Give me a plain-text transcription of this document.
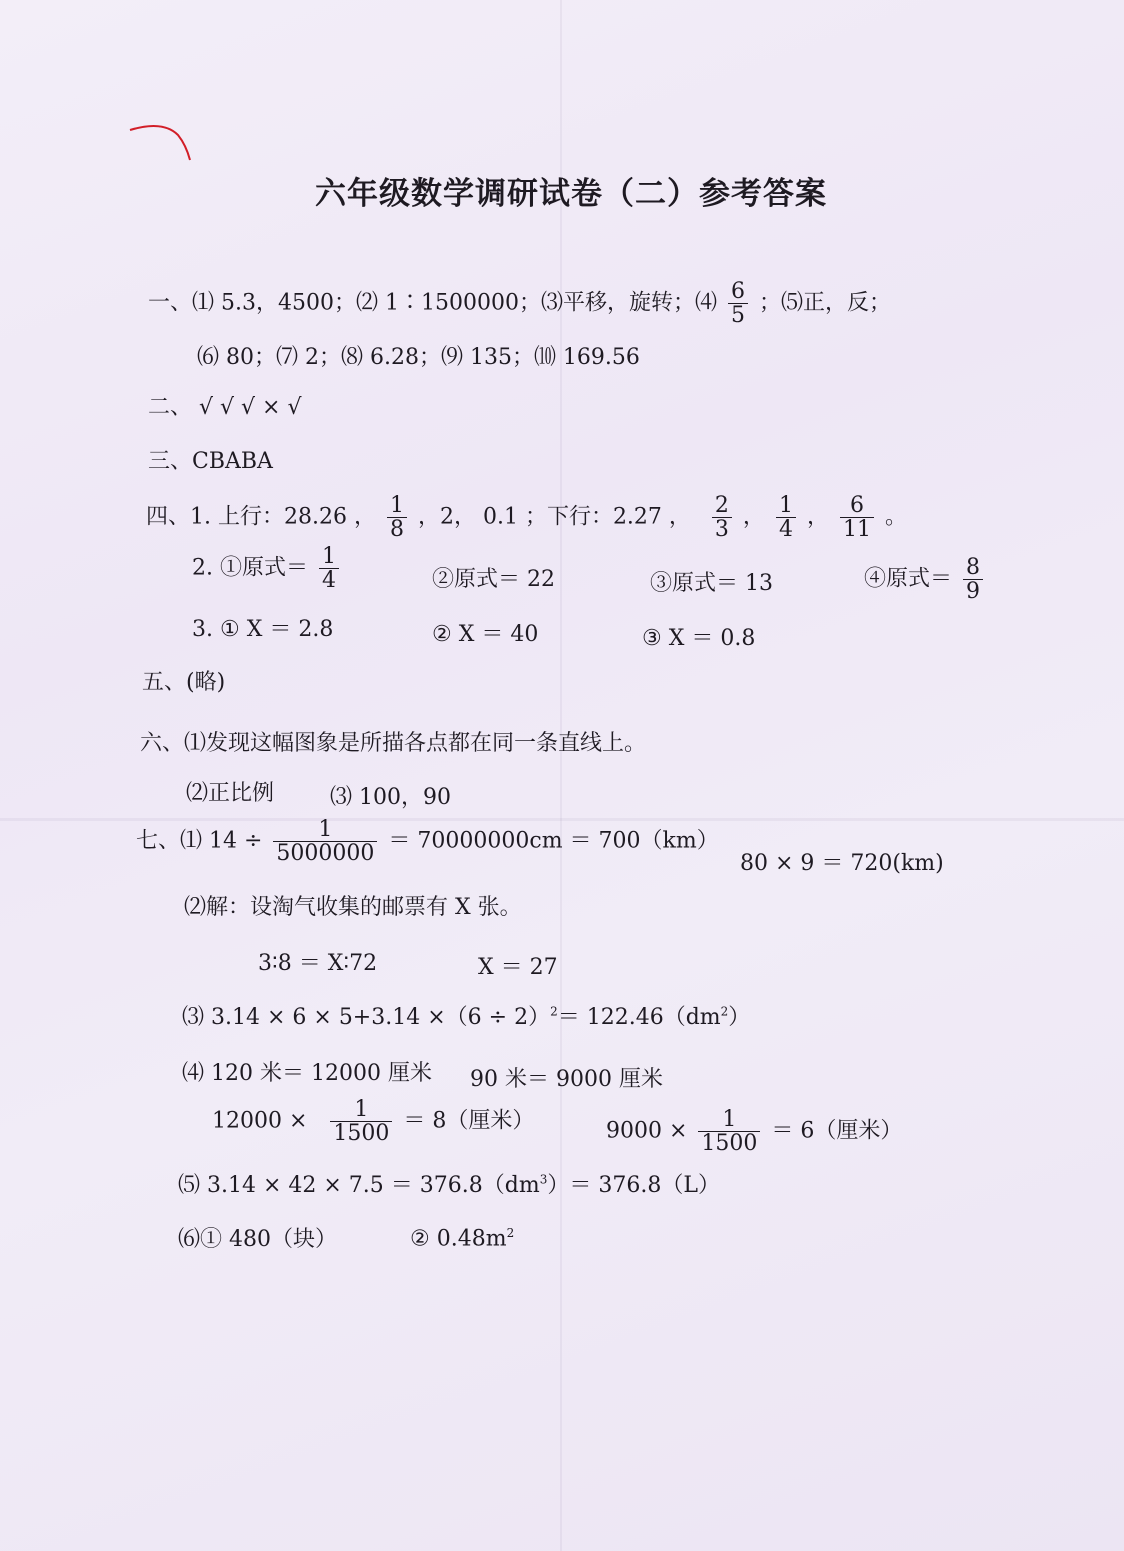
六年级数学调研试卷（二）参考答案
一、⑴ 5.3，4500；⑵ 1∶1500000；⑶平移，旋转；⑷ $\frac{6}{5}$ ；⑸正，反；
⑹ 80；⑺ 2；⑻ 6.28；⑼ 135；⑽ 169.56
二、 √ √ √ × √
三、CBABA
四、1. 上行：28.26 ， $\frac{1}{8}$ ，2， 0.1 ；下行：2.27 ， $\frac{2}{3}$ ， $\frac{1}{4}$ ， $\frac{6}{11}$ 。
2. ①原式＝ $\frac{1}{4}$	②原式＝ 22	③原式＝ 13	④原式＝ $\frac{8}{9}$
3. ① X ＝ 2.8	② X ＝ 40	③ X ＝ 0.8
五、(略)
六、⑴发现这幅图象是所描各点都在同一条直线上。
⑵正比例	⑶ 100，90
七、⑴ $14 \div \frac{1}{5000000} = 70000000cm = 700(km)$
80 × 9 ＝ 720(km)
⑵解：设淘气收集的邮票有 X 张。
3∶8 ＝ X∶72	X ＝ 27
⑶ $3.14 \times 6 \times 5+3.14 \times(6 \div 2)^2= 122.46(dm^2)$
⑷ 120 米＝ 12000 厘米 90 米＝ 9000 厘米
$12000 \times \frac{1}{1500} = 8$（厘米）	$9000 \times \frac{1}{1500} = 6$（厘米）
⑸ $3.14 \times 42 \times 7.5 = 376.8(dm^3)= 376.8(L)$
⑹① 480（块）	② $0.48m^2$
